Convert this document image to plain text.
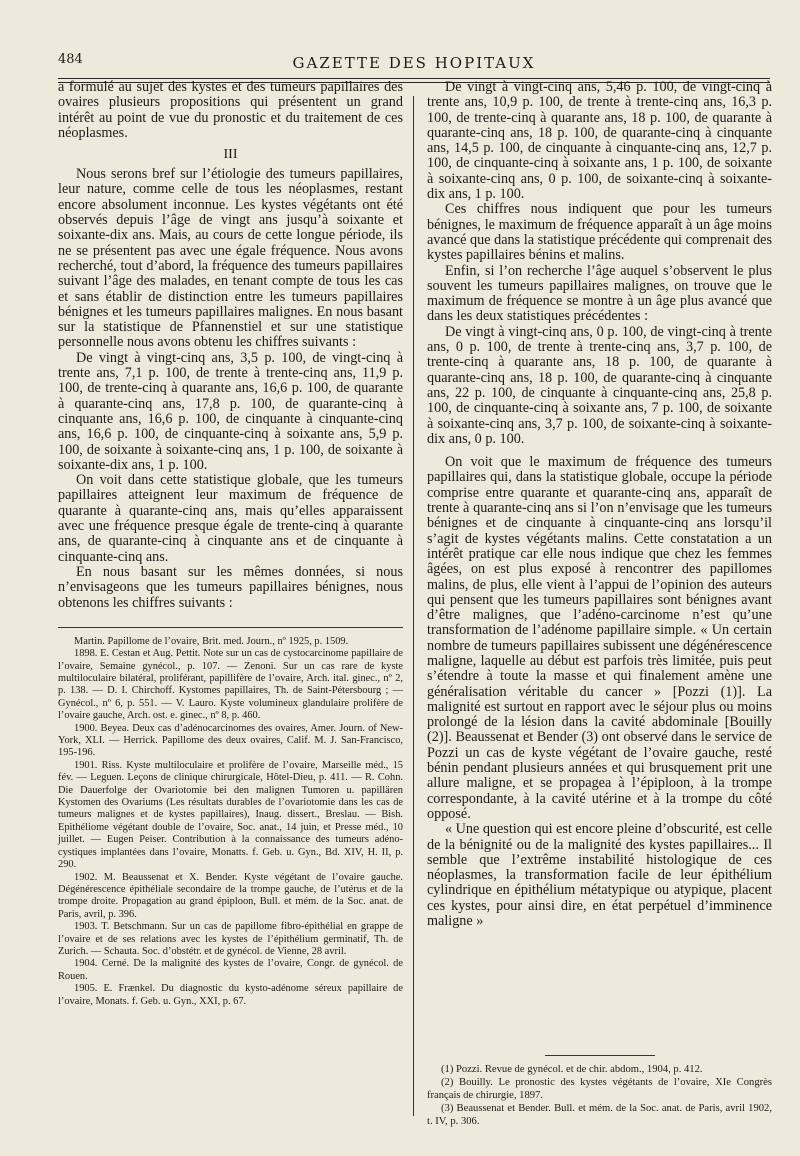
484	GAZETTE DES HOPITAUX

a formulé au sujet des kystes et des tumeurs papillaires des ovaires plusieurs propositions qui présentent un grand intérêt au point de vue du pronostic et du traitement de ces néoplasmes.

III

Nous serons bref sur l’étiologie des tumeurs papillaires, leur nature, comme celle de tous les néoplasmes, restant encore absolument inconnue. Les kystes végétants ont été observés depuis l’âge de vingt ans jusqu’à soixante et soixante-dix ans. Mais, au cours de cette longue période, ils ne se présentent pas avec une égale fréquence. Nous avons recherché, tout d’abord, la fréquence des tumeurs papillaires suivant l’âge des malades, en tenant compte de tous les cas et sans établir de distinction entre les tumeurs papillaires bénignes et les tumeurs papillaires malignes. En nous basant sur la statistique de Pfannenstiel et sur une statistique personnelle nous avons obtenu les chiffres suivants :

De vingt à vingt-cinq ans, 3,5 p. 100, de vingt-cinq à trente ans, 7,1 p. 100, de trente à trente-cinq ans, 11,9 p. 100, de trente-cinq à quarante ans, 16,6 p. 100, de quarante à quarante-cinq ans, 17,8 p. 100, de quarante-cinq à cinquante ans, 16,6 p. 100, de cinquante à cinquante-cinq ans, 16,6 p. 100, de cinquante-cinq à soixante ans, 5,9 p. 100, de soixante à soixante-cinq ans, 1 p. 100, de soixante à soixante-dix ans, 1 p. 100.

On voit dans cette statistique globale, que les tumeurs papillaires atteignent leur maximum de fréquence de quarante à quarante-cinq ans, mais qu’elles apparaissent avec une fréquence presque égale de trente-cinq à quarante ans, de quarante-cinq à cinquante ans et de cinquante à cinquante-cinq ans.

En nous basant sur les mêmes données, si nous n’envisageons que les tumeurs papillaires bénignes, nous obtenons les chiffres suivants :

Martin. Papillome de l’ovaire, Brit. med. Journ., nº 1925, p. 1509.

1898. E. Cestan et Aug. Pettit. Note sur un cas de cystocarcinome papillaire de l’ovaire, Semaine gynécol., p. 107. — Zenoni. Sur un cas rare de kyste multiloculaire bilatéral, proliférant, papillifère de l’ovaire, Arch. ital. ginec., nº 2, p. 138. — D. I. Chirchoff. Kystomes papillaires, Th. de Saint-Pétersbourg ; — Gynécol., nº 6, p. 551. — V. Lauro. Kyste volumineux glandulaire prolifère de l’ovaire gauche, Arch. ost. e. ginec., nº 8, p. 460.

1900. Beyea. Deux cas d’adénocarcinomes des ovaires, Amer. Journ. of New-York, XLI. — Herrick. Papillome des deux ovaires, Calif. M. J. San-Francisco, 195-196.

1901. Riss. Kyste multiloculaire et prolifère de l’ovaire, Marseille méd., 15 fév. — Leguen. Leçons de clinique chirurgicale, Hôtel-Dieu, p. 411. — R. Cohn. Die Dauerfolge der Ovariotomie bei den malignen Tumoren u. papillären Kystomen des Ovariums (Les résultats durables de l’ovariotomie dans les cas de tumeurs malignes et de kystes papillaires), Inaug. dissert., Breslau. — Bish. Epithéliome végétant double de l’ovaire, Soc. anat., 14 juin, et Presse méd., 10 juillet. — Eugen Peiser. Contribution à la connaissance des tumeurs adéno-cystiques implantées dans l’ovaire, Monatts. f. Geb. u. Gyn., Bd. XIV, H. II, p. 290.

1902. M. Beaussenat et X. Bender. Kyste végétant de l’ovaire gauche. Dégénérescence épithéliale secondaire de la trompe gauche, de l’utérus et de la trompe droite. Propagation au grand épiploon, Bull. et mém. de la Soc. anat. de Paris, avril, p. 396.

1903. T. Betschmann. Sur un cas de papillome fibro-épithélial en grappe de l’ovaire et de ses relations avec les kystes de l’épithélium germinatif, Th. de Zurich. — Schauta. Soc. d’obstétr. et de gynécol. de Vienne, 28 avril.

1904. Cerné. De la malignité des kystes de l’ovaire, Congr. de gynécol. de Rouen.

1905. E. Frænkel. Du diagnostic du kysto-adénome séreux papillaire de l’ovaire, Monats. f. Geb. u. Gyn., XXI, p. 67.

De vingt à vingt-cinq ans, 5,46 p. 100, de vingt-cinq à trente ans, 10,9 p. 100, de trente à trente-cinq ans, 16,3 p. 100, de trente-cinq à quarante ans, 18 p. 100, de quarante à quarante-cinq ans, 18 p. 100, de quarante-cinq à cinquante ans, 14,5 p. 100, de cinquante à cinquante-cinq ans, 12,7 p. 100, de cinquante-cinq à soixante ans, 1 p. 100, de soixante à soixante-cinq ans, 0 p. 100, de soixante-cinq à soixante-dix ans, 1 p. 100.

Ces chiffres nous indiquent que pour les tumeurs bénignes, le maximum de fréquence apparaît à un âge moins avancé que dans la statistique précédente qui comprenait des kystes papillaires bénins et malins.

Enfin, si l’on recherche l’âge auquel s’observent le plus souvent les tumeurs papillaires malignes, on trouve que le maximum de fréquence se montre à un âge plus avancé que dans les deux statistiques précédentes :

De vingt à vingt-cinq ans, 0 p. 100, de vingt-cinq à trente ans, 0 p. 100, de trente à trente-cinq ans, 3,7 p. 100, de trente-cinq à quarante ans, 18 p. 100, de quarante à quarante-cinq ans, 18 p. 100, de quarante-cinq à cinquante ans, 22 p. 100, de cinquante à cinquante-cinq ans, 25,8 p. 100, de cinquante-cinq à soixante ans, 7 p. 100, de soixante à soixante-cinq ans, 3,7 p. 100, de soixante-cinq à soixante-dix ans, 0 p. 100.

On voit que le maximum de fréquence des tumeurs papillaires qui, dans la statistique globale, occupe la période comprise entre quarante et quarante-cinq ans, apparaît de trente à quarante-cinq ans si l’on n’envisage que les tumeurs bénignes et de cinquante à cinquante-cinq ans lorsqu’il s’agit de kystes végétants malins. Cette constatation a un intérêt pratique car elle nous indique que chez les femmes âgées, on est plus exposé à rencontrer des papillomes malins, de plus, elle vient à l’appui de l’opinion des auteurs qui pensent que les tumeurs papillaires sont bénignes avant d’être malignes, que l’adéno-carcinome n’est qu’une transformation de l’adénome papillaire simple. « Un certain nombre de tumeurs papillaires subissent une dégénérescence maligne, laquelle au début est parfois très limitée, puis peut s’étendre à toute la masse et qui finalement amène une généralisation véritable du cancer » [Pozzi (1)]. La malignité est surtout en rapport avec le séjour plus ou moins prolongé de la lésion dans la cavité abdominale [Bouilly (2)]. Beaussenat et Bender (3) ont observé dans le service de Pozzi un cas de kyste végétant de l’ovaire gauche, resté bénin pendant plusieurs années et qui brusquement prit une allure maligne, et se propagea à l’épiploon, à la trompe correspondante, à la cavité utérine et à la trompe du côté opposé.

« Une question qui est encore pleine d’obscurité, est celle de la bénignité ou de la malignité des kystes papillaires... Il semble que l’extrême instabilité histologique de ces néoplasmes, la transformation facile de leur épithélium cylindrique en épithélium métatypique ou atypique, placent ces kystes, pour ainsi dire, en état perpétuel d’imminence maligne »

(1) Pozzi. Revue de gynécol. et de chir. abdom., 1904, p. 412.

(2) Bouilly. Le pronostic des kystes végétants de l’ovaire, XIe Congrès français de chirurgie, 1897.

(3) Beaussenat et Bender. Bull. et mém. de la Soc. anat. de Paris, avril 1902, t. IV, p. 306.
